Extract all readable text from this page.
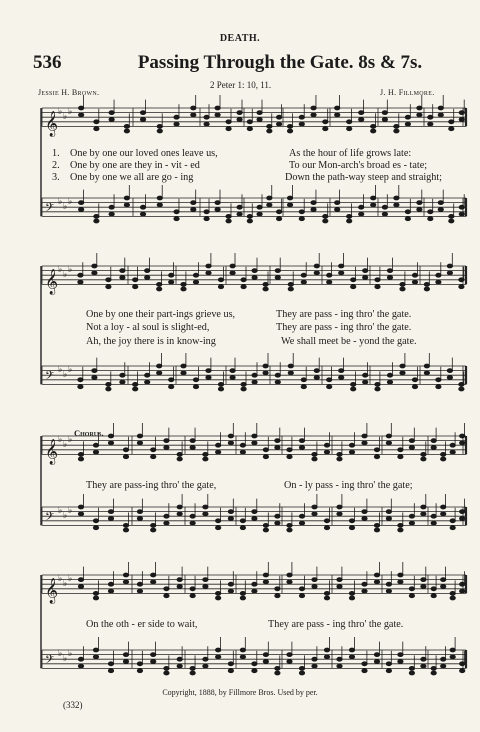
DEATH.
536	Passing Through the Gate. 8s & 7s.
2 Peter 1: 10, 11.
Jessie H. Brown.	J. H. Fillmore.
𝄞 ♭ ♭ ♭
𝄢 ♭ ♭ ♭
𝄞 ♭ ♭ ♭
𝄢 ♭ ♭ ♭
𝄞 ♭ ♭ ♭
𝄢 ♭ ♭ ♭
𝄞 ♭ ♭ ♭
𝄢 ♭ ♭ ♭
1. One by one our loved ones leave us,	As the hour of life grows late:
2. One by one are they in - vit - ed	To our Mon-arch's broad es - tate;
3. One by one we all are go - ing	Down the path-way steep and straight;
One by one their part-ings grieve us,	They are pass - ing thro' the gate.
Not a loy - al soul is slight-ed,	They are pass - ing thro' the gate.
Ah, the joy there is in know-ing	We shall meet be - yond the gate.
Chorus.
They are pass-ing thro' the gate,	On - ly pass - ing thro' the gate;
On the oth - er side to wait,	They are pass - ing thro' the gate.
Copyright, 1888, by Fillmore Bros. Used by per.
(332)
